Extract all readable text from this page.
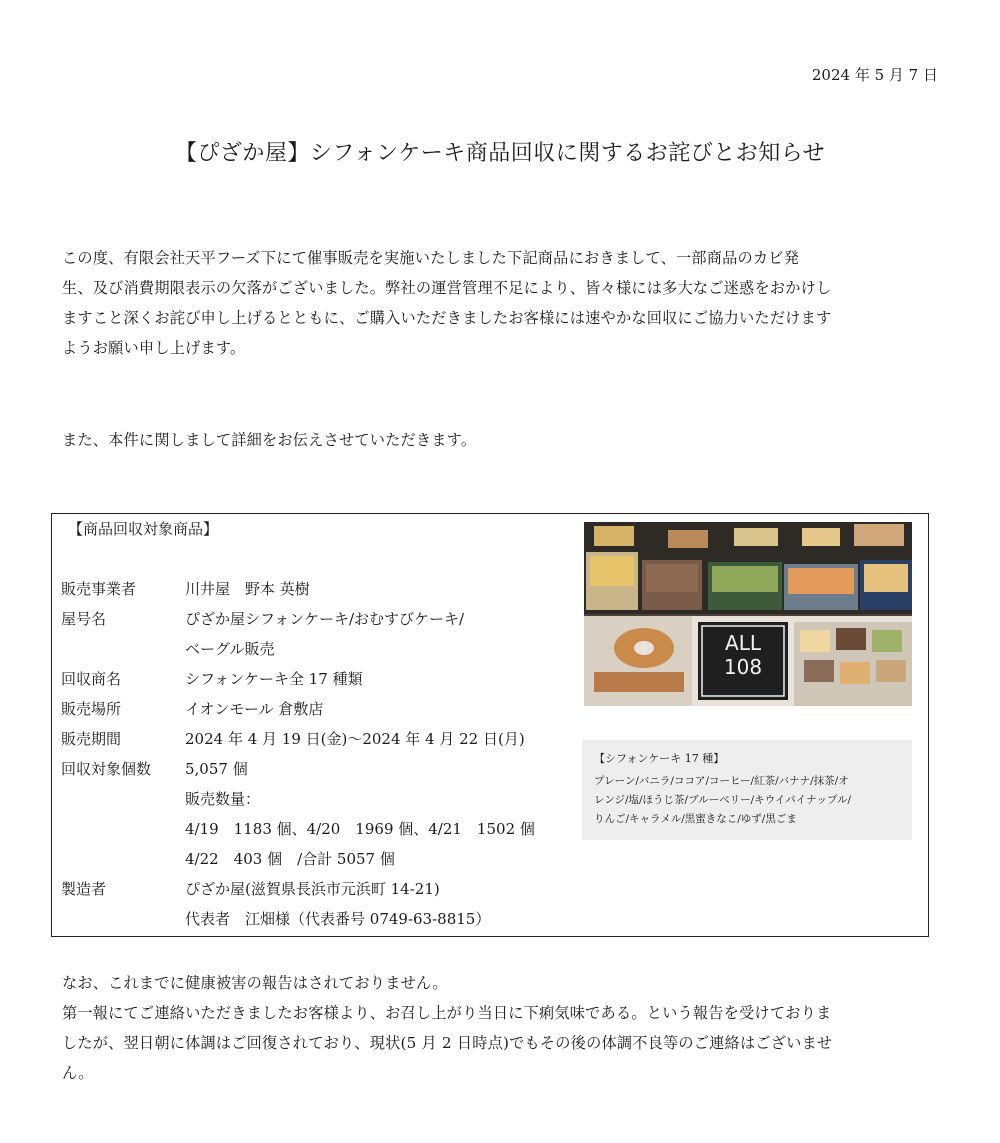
2024 年 5 月 7 日
【ぴざか屋】シフォンケーキ商品回収に関するお詫びとお知らせ
この度、有限会社天平フーズ下にて催事販売を実施いたしました下記商品におきまして、一部商品のカビ発
生、及び消費期限表示の欠落がございました。弊社の運営管理不足により、皆々様には多大なご迷惑をおかけし
ますこと深くお詫び申し上げるとともに、ご購入いただきましたお客様には速やかな回収にご協力いただけます
ようお願い申し上げます。
また、本件に関しまして詳細をお伝えさせていただきます。
【商品回収対象商品】
販売事業者	川井屋　野本 英樹
屋号名	ぴざか屋シフォンケーキ/おむすびケーキ/
ベーグル販売
回収商名	シフォンケーキ全 17 種類
販売場所	イオンモール 倉敷店
販売期間	2024 年 4 月 19 日(金)～2024 年 4 月 22 日(月)
回収対象個数	5,057 個
販売数量：
4/19　1183 個、4/20　1969 個、4/21　1502 個
4/22　403 個　/合計 5057 個
製造者	ぴざか屋(滋賀県長浜市元浜町 14-21)
代表者　江畑様（代表番号 0749-63-8815）
ALL
108
【シフォンケーキ 17 種】
プレーン/バニラ/ココア/コーヒー/紅茶/バナナ/抹茶/オ
レンジ/塩/ほうじ茶/ブルーベリー/キウイパイナップル/
りんご/キャラメル/黒蜜きなこ/ゆず/黒ごま
なお、これまでに健康被害の報告はされておりません。
第一報にてご連絡いただきましたお客様より、お召し上がり当日に下痢気味である。という報告を受けておりま
したが、翌日朝に体調はご回復されており、現状(5 月 2 日時点)でもその後の体調不良等のご連絡はございませ
ん。
